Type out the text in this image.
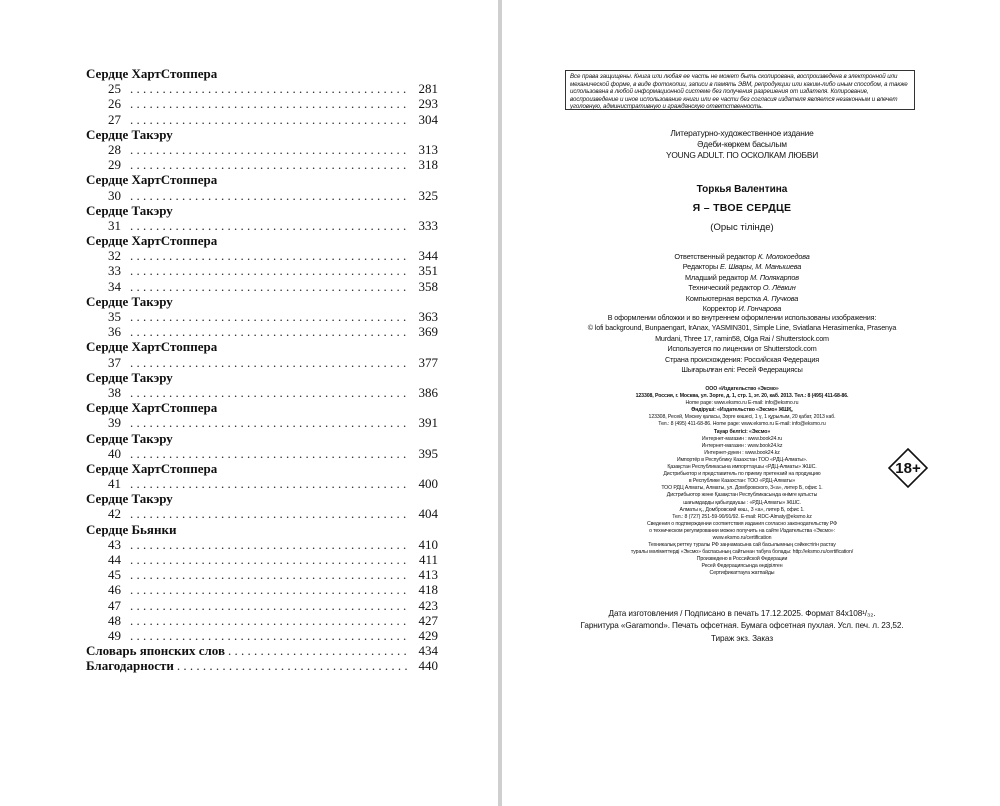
Сердце ХартСтоппера
25 . . .	281
26 . . .	293
27 . . .	304
Сердце Такэру
28 . . .	313
29 . . .	318
Сердце ХартСтоппера
30 . . .	325
Сердце Такэру
31 . . .	333
Сердце ХартСтоппера
32 . . .	344
33 . . .	351
34 . . .	358
Сердце Такэру
35 . . .	363
36 . . .	369
Сердце ХартСтоппера
37 . . .	377
Сердце Такэру
38 . . .	386
Сердце ХартСтоппера
39 . . .	391
Сердце Такэру
40 . . .	395
Сердце ХартСтоппера
41 . . .	400
Сердце Такэру
42 . . .	404
Сердце Бьянки
43 . . .	410
44 . . .	411
45 . . .	413
46 . . .	418
47 . . .	423
48 . . .	427
49 . . .	429
Словарь японских слов . . .	434
Благодарности . . .	440
Все права защищены. Книга или любая ее часть не может быть скопирована, воспроизведена в электронной или механической форме, в виде фотокопии, записи в память ЭВМ, репродукции или каким-либо иным способом, а также использована в любой информационной системе без получения разрешения от издателя. Копирование, воспроизведение и иное использование книги или ее части без согласия издателя является незаконным и влечет уголовную, административную и гражданскую ответственность.
Литературно-художественное издание
Әдеби-көркем басылым
YOUNG ADULT. ПО ОСКОЛКАМ ЛЮБВИ
Торкья Валентина
Я – ТВОЕ СЕРДЦЕ
(Орыс тілінде)
Ответственный редактор К. Молокоедова
Редакторы Е. Швары, М. Манышева
Младший редактор М. Полякарпов
Технический редактор О. Лёвкин
Компьютерная верстка А. Пучкова
Корректор И. Гончарова
В оформлении обложки и во внутреннем оформлении использованы изображения:
© lofi background, Bunpaengart, IrAnax, YASMIN301, Simple Line, Sviatlana Herasimenka, Prasenya
Murdani, Three 17, ramin58, Olga Rai / Shutterstock.com
Используется по лицензии от Shutterstock.com
Страна происхождения: Российская Федерация
Шығарылған елі: Ресей Федерациясы
ООО «Издательство «Эксмо»
123308, Россия, г. Москва, ул. Зорге, д. 1, стр. 1, эт. 20, каб. 2013. Тел.: 8 (495) 411-68-86.
Home page: www.eksmo.ru E-mail: info@eksmo.ru
Өндіруші: «Издательство «Эксмо» ЖШҚ,
123308, Ресей, Мәскеу қаласы, Зорге көшесі, 1 ү, 1 құрылым, 20 қабат, 2013 каб.
Тел.: 8 (495) 411-68-86. Home page: www.eksmo.ru E-mail: info@eksmo.ru
Тауар белгісі: «Эксмо»
Интернет-магазин : www.book24.ru
Интернет-магазин : www.book24.kz
Интернет-дүкен : www.book24.kz
Импортёр в Республику Казахстан ТОО «РДЦ-Алматы».
Қазақстан Республикасына импорттаушы «РДЦ-Алматы» ЖШС.
Дистрибьютор и представитель по приему претензий на продукцию
в Республике Казахстан: ТОО «РДЦ-Алматы»
ТОО РДЦ Алматы, Алматы, ул. Домбровского, 3«а», литер Б, офис 1.
Дистрибьютор және Қазақстан Республикасында өнімге қатысты
шағымдарды қабылдаушы : «РДЦ-Алматы» ЖШС.
Алматы қ., Домбровский көш., 3 «а», литер Б, офис 1.
Тел.: 8 (727) 251-59-90/91/92. E-mail: RDC-Almaty@eksmo.kz
Сведения о подтверждении соответствия издания согласно законодательству РФ
о техническом регулировании можно получить на сайте Издательства «Эксмо»:
www.eksmo.ru/certification
Техникалық реттеу туралы РФ заңнамасына сай басылымның сәйкестігін растау
туралы мәліметтерді «Эксмо» баспасының сайтынан табуға болады: http://eksmo.ru/certification/
Произведено в Российской Федерации
Ресей Федерациясында өндірілген
Сертификаттауға жатпайды
18+
Дата изготовления / Подписано в печать 17.12.2025. Формат 84x108¹/₃₂.
Гарнитура «Garamond». Печать офсетная. Бумага офсетная пухлая. Усл. печ. л. 23,52.
Тираж экз. Заказ
